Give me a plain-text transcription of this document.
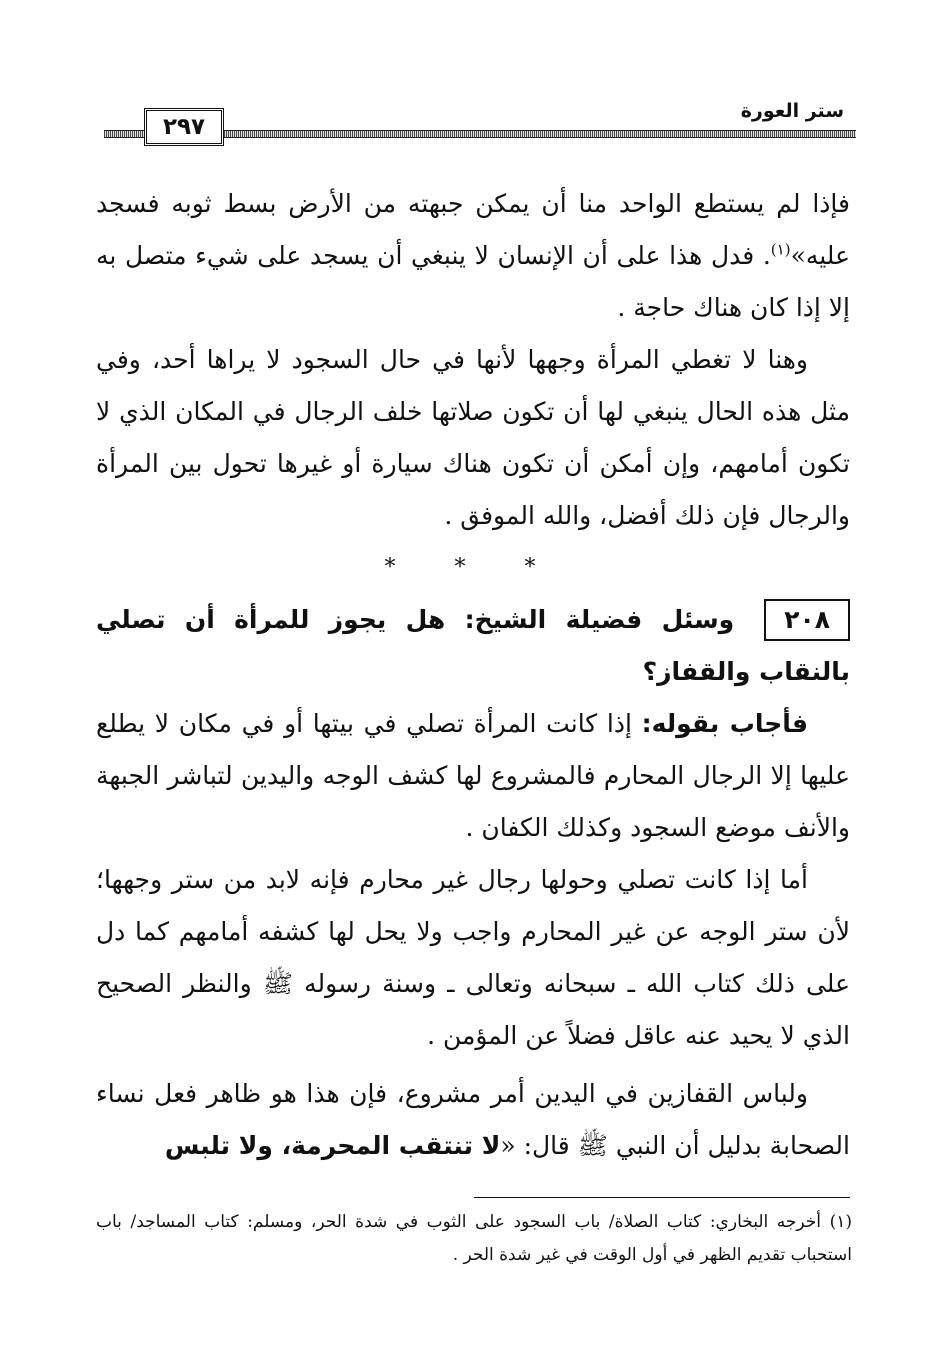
٢٩٧
ستر العورة

فإذا لم يستطع الواحد منا أن يمكن جبهته من الأرض بسط ثوبه فسجد عليه»$^{(١)}$. فدل هذا على أن الإنسان لا ينبغي أن يسجد على شيء متصل به إلا إذا كان هناك حاجة .

وهنا لا تغطي المرأة وجهها لأنها في حال السجود لا يراها أحد، وفي مثل هذه الحال ينبغي لها أن تكون صلاتها خلف الرجال في المكان الذي لا تكون أمامهم، وإن أمكن أن تكون هناك سيارة أو غيرها تحول بين المرأة والرجال فإن ذلك أفضل، والله الموفق .

* * *

٢٠٨وسئل فضيلة الشيخ: هل يجوز للمرأة أن تصلي بالنقاب والقفاز؟

فأجاب بقوله: إذا كانت المرأة تصلي في بيتها أو في مكان لا يطلع عليها إلا الرجال المحارم فالمشروع لها كشف الوجه واليدين لتباشر الجبهة والأنف موضع السجود وكذلك الكفان .

أما إذا كانت تصلي وحولها رجال غير محارم فإنه لابد من ستر وجهها؛ لأن ستر الوجه عن غير المحارم واجب ولا يحل لها كشفه أمامهم كما دل على ذلك كتاب الله ـ سبحانه وتعالى ـ وسنة رسوله ﷺ والنظر الصحيح الذي لا يحيد عنه عاقل فضلاً عن المؤمن .

ولباس القفازين في اليدين أمر مشروع، فإن هذا هو ظاهر فعل نساء الصحابة بدليل أن النبي ﷺ قال: «لا تنتقب المحرمة، ولا تلبس

(١) أخرجه البخاري: كتاب الصلاة/ باب السجود على الثوب في شدة الحر، ومسلم: كتاب المساجد/ باب استحباب تقديم الظهر في أول الوقت في غير شدة الحر .
